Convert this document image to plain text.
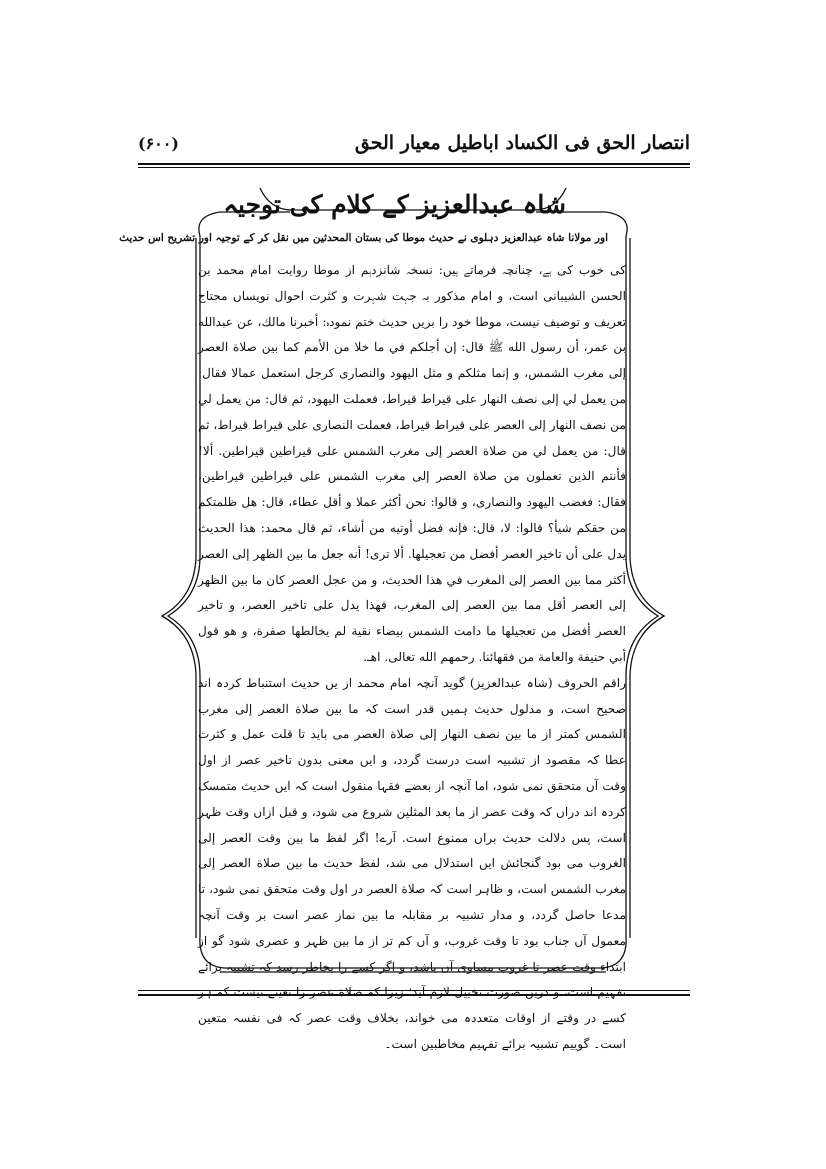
انتصار الحق فی الکساد اباطیل معیار الحق
(۶۰۰)
شاہ عبدالعزیز کے کلام کی توجیہ
اور مولانا شاہ عبدالعزیز دہلوی نے حدیث موطا کی بستان المحدثین میں نقل کر کے توجیہ اور تشریح اس حدیث

کی خوب کی ہے، چنانچہ فرماتے ہیں: نسخہ شانزدہم از موطا روایت امام محمد بن الحسن الشیبانی است، و امام مذکور بہ جہت شہرت و کثرت احوال نویساں محتاج تعریف و توصیف نیست، موطا خود را بریں حدیث ختم نمودہ: أخبرنا مالك، عن عبدالله بن عمر، أن رسول الله ﷺ قال: إن أجلكم في ما خلا من الأمم كما بين صلاة العصر إلى مغرب الشمس، و إنما مثلكم و مثل اليهود والنصارى كرجل استعمل عمالا فقال: من يعمل لي إلى نصف النهار على قيراط قيراط، فعملت اليهود، ثم قال: من يعمل لي من نصف النهار إلى العصر على قيراط قيراط، فعملت النصارى على قيراط قيراط، ثم قال: من يعمل لي من صلاة العصر إلى مغرب الشمس على قيراطين قيراطين. ألا! فأنتم الذين تعملون من صلاة العصر إلى مغرب الشمس على قيراطين قيراطين، فقال: فغضب اليهود والنصارى، و قالوا: نحن أكثر عملا و أقل عطاء، قال: هل ظلمتكم من حقكم شيأ؟ قالوا: لا، قال: فإنه فضل أوتيه من أشاء، ثم قال محمد: هذا الحديث يدل على أن تاخير العصر أفضل من تعجيلها. ألا ترى! أنه جعل ما بين الظهر إلى العصر أكثر مما بين العصر إلى المغرب في هذا الحديث، و من عجل العصر كان ما بين الظهر إلى العصر أقل مما بين العصر إلى المغرب، فهذا يدل على تاخير العصر، و تاخير العصر أفضل من تعجيلها ما دامت الشمس بيضاء نقية لم يخالطها صفرة، و هو قول أبي حنيفة والعامة من فقهائنا. رحمهم الله تعالى. اهـ.

راقم الحروف (شاہ عبدالعزیز) گوید آنچہ امام محمد از یں حدیث استنباط کردہ اند صحیح است، و مدلول حدیث ہمیں قدر است کہ ما بین صلاة العصر إلى مغرب الشمس کمتر از ما بین نصف النهار إلى صلاة العصر می باید تا قلت عمل و کثرت عطا کہ مقصود از تشبیہ است درست گردد، و ایں معنی بدون تاخیر عصر از اول وقت آں متحقق نمی شود، اما آنچہ از بعضے فقہا منقول است کہ ایں حدیث متمسک کردہ اند دراں کہ وقت عصر از ما بعد المثلین شروع می شود، و قبل ازاں وقت ظہر است، پس دلالت حدیث براں ممنوع است. آرے! اگر لفظ ما بین وقت العصر إلى الغروب می بود گنجائش ایں استدلال می شد، لفظ حدیث ما بین صلاة العصر إلى مغرب الشمس است، و ظاہر است کہ صلاة العصر در اول وقت متحقق نمی شود، تا مدعا حاصل گردد، و مدار تشبیہ بر مقابلہ ما بین نماز عصر است بر وقت آنچہ معمول آں جناب بود تا وقت غروب، و آں کم تر از ما بین ظہر و عصری شود گو از ابتداء وقت عصر تا غروب مساوی آں باشد، و اگر کسے را بخاطر رسد کہ تشبیہ برائے تفہیم است، و دریں صورت تخییل لازم آید؛ زیرا کہ صلاة عصر را تعینے نیست کہ ہر کسے در وقتے از اوقات متعددہ می خواند، بخلاف وقت عصر کہ فی نفسہ متعین است۔ گوییم تشبیہ برائے تفہیم مخاطبین است۔
